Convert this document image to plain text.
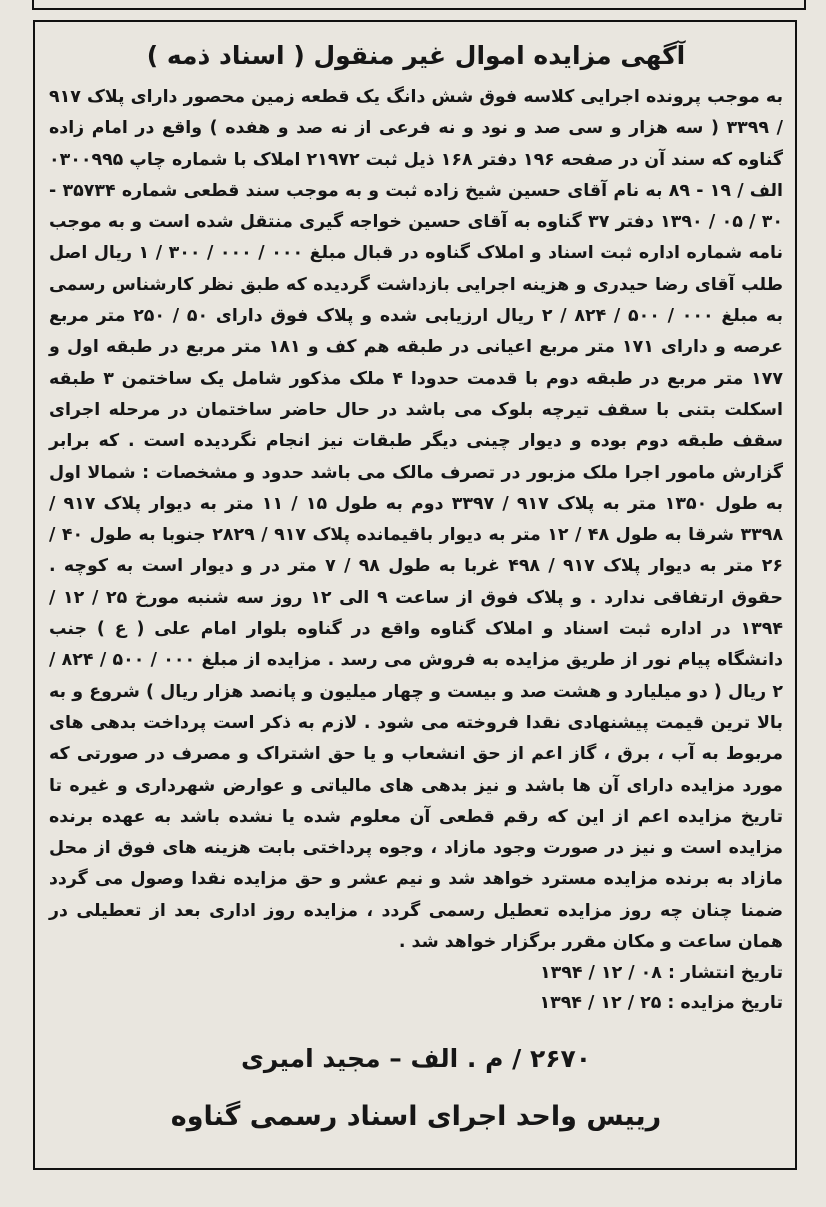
آگهی مزایده اموال غیر منقول ( اسناد ذمه )

به موجب پرونده اجرایی کلاسه فوق شش دانگ یک قطعه زمین محصور دارای پلاک ۹۱۷ / ۳۳۹۹ ( سه هزار و سی صد و نود و نه فرعی از نه صد و هفده ) واقع در امام زاده گناوه که سند آن در صفحه ۱۹۶ دفتر ۱۶۸ ذیل ثبت ۲۱۹۷۲ املاک با شماره چاپ ۰۳۰۰۹۹۵ الف / ۱۹ - ۸۹ به نام آقای حسین شیخ زاده ثبت و به موجب سند قطعی شماره ۳۵۷۳۴ - ۳۰ / ۰۵ / ۱۳۹۰ دفتر ۳۷ گناوه به آقای حسین خواجه گیری منتقل شده است و به موجب نامه شماره اداره ثبت اسناد و املاک گناوه در قبال مبلغ ۰۰۰ / ۰۰۰ / ۳۰۰ / ۱ ریال اصل طلب آقای رضا حیدری و هزینه اجرایی بازداشت گردیده که طبق نظر کارشناس رسمی به مبلغ ۰۰۰ / ۵۰۰ / ۸۲۴ / ۲ ریال ارزیابی شده و پلاک فوق دارای ۵۰ / ۲۵۰ متر مربع عرصه و دارای ۱۷۱ متر مربع اعیانی در طبقه هم کف و ۱۸۱ متر مربع در طبقه اول و ۱۷۷ متر مربع در طبقه دوم با قدمت حدودا ۴ ملک مذکور شامل یک ساختمن ۳ طبقه اسکلت بتنی با سقف تیرچه بلوک می باشد در حال حاضر ساختمان در مرحله اجرای سقف طبقه دوم بوده و دیوار چینی دیگر طبقات نیز انجام نگردیده است . که برابر گزارش مامور اجرا ملک مزبور در تصرف مالک می باشد حدود و مشخصات : شمالا اول به طول ۱۳۵۰ متر به پلاک ۹۱۷ / ۳۳۹۷ دوم به طول ۱۵ / ۱۱ متر به دیوار پلاک ۹۱۷ / ۳۳۹۸ شرقا به طول ۴۸ / ۱۲ متر به دیوار باقیمانده پلاک ۹۱۷ / ۲۸۲۹ جنوبا به طول ۴۰ / ۲۶ متر به دیوار پلاک ۹۱۷ / ۴۹۸ غربا به طول ۹۸ / ۷ متر در و دیوار است به کوچه . حقوق ارتفاقی ندارد . و پلاک فوق از ساعت ۹ الی ۱۲ روز سه شنبه مورخ ۲۵ / ۱۲ / ۱۳۹۴ در اداره ثبت اسناد و املاک گناوه واقع در گناوه بلوار امام علی ( ع ) جنب دانشگاه پیام نور از طریق مزایده به فروش می رسد . مزایده از مبلغ ۰۰۰ / ۵۰۰ / ۸۲۴ / ۲ ریال ( دو میلیارد و هشت صد و بیست و چهار میلیون و پانصد هزار ریال ) شروع و به بالا ترین قیمت پیشنهادی نقدا فروخته می شود . لازم به ذکر است پرداخت بدهی های مربوط به آب ، برق ، گاز اعم از حق انشعاب و یا حق اشتراک و مصرف در صورتی که مورد مزایده دارای آن ها باشد و نیز بدهی های مالیاتی و عوارض شهرداری و غیره تا تاریخ مزایده اعم از این که رقم قطعی آن معلوم شده یا نشده باشد به عهده برنده مزایده است و نیز در صورت وجود مازاد ، وجوه پرداختی بابت هزینه های فوق از محل مازاد به برنده مزایده مسترد خواهد شد و نیم عشر و حق مزایده نقدا وصول می گردد ضمنا چنان چه روز مزایده تعطیل رسمی گردد ، مزایده روز اداری بعد از تعطیلی در همان ساعت و مکان مقرر برگزار خواهد شد .

تاریخ انتشار : ۰۸ / ۱۲ / ۱۳۹۴
تاریخ مزایده : ۲۵ / ۱۲ / ۱۳۹۴
۲۶۷۰ / م . الف – مجید امیری
رییس واحد اجرای اسناد رسمی گناوه
